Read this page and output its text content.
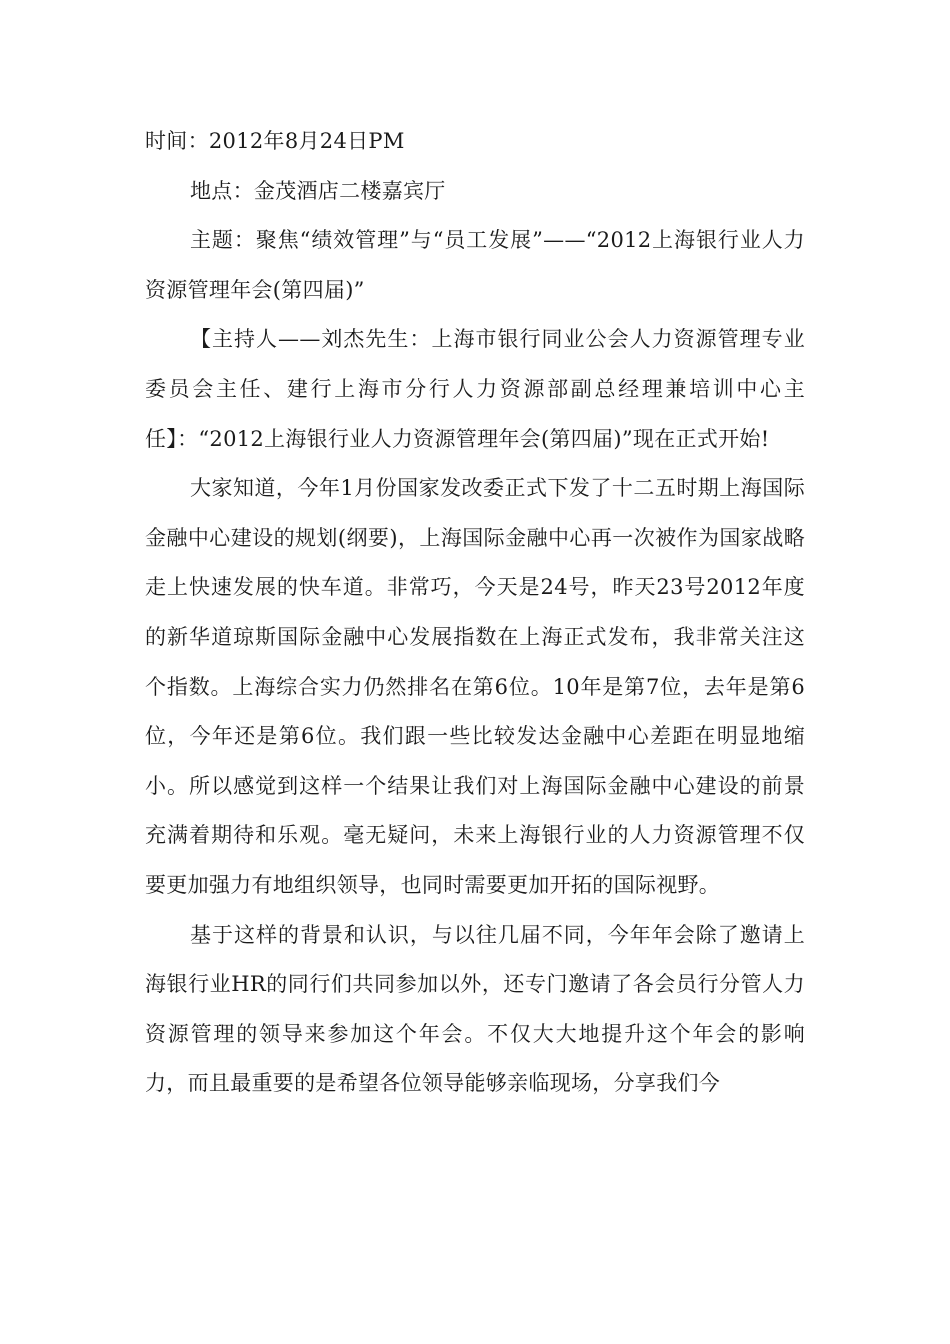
时间：2012年8月24日PM

地点：金茂酒店二楼嘉宾厅

主题：聚焦“绩效管理”与“员工发展”——“2012上海银行业人力资源管理年会(第四届)”

【主持人——刘杰先生：上海市银行同业公会人力资源管理专业委员会主任、建行上海市分行人力资源部副总经理兼培训中心主任】：“2012上海银行业人力资源管理年会(第四届)”现在正式开始!

大家知道，今年1月份国家发改委正式下发了十二五时期上海国际金融中心建设的规划(纲要)，上海国际金融中心再一次被作为国家战略走上快速发展的快车道。非常巧，今天是24号，昨天23号2012年度的新华道琼斯国际金融中心发展指数在上海正式发布，我非常关注这个指数。上海综合实力仍然排名在第6位。10年是第7位，去年是第6位，今年还是第6位。我们跟一些比较发达金融中心差距在明显地缩小。所以感觉到这样一个结果让我们对上海国际金融中心建设的前景充满着期待和乐观。毫无疑问，未来上海银行业的人力资源管理不仅要更加强力有地组织领导，也同时需要更加开拓的国际视野。

基于这样的背景和认识，与以往几届不同，今年年会除了邀请上海银行业HR的同行们共同参加以外，还专门邀请了各会员行分管人力资源管理的领导来参加这个年会。不仅大大地提升这个年会的影响力，而且最重要的是希望各位领导能够亲临现场，分享我们今
